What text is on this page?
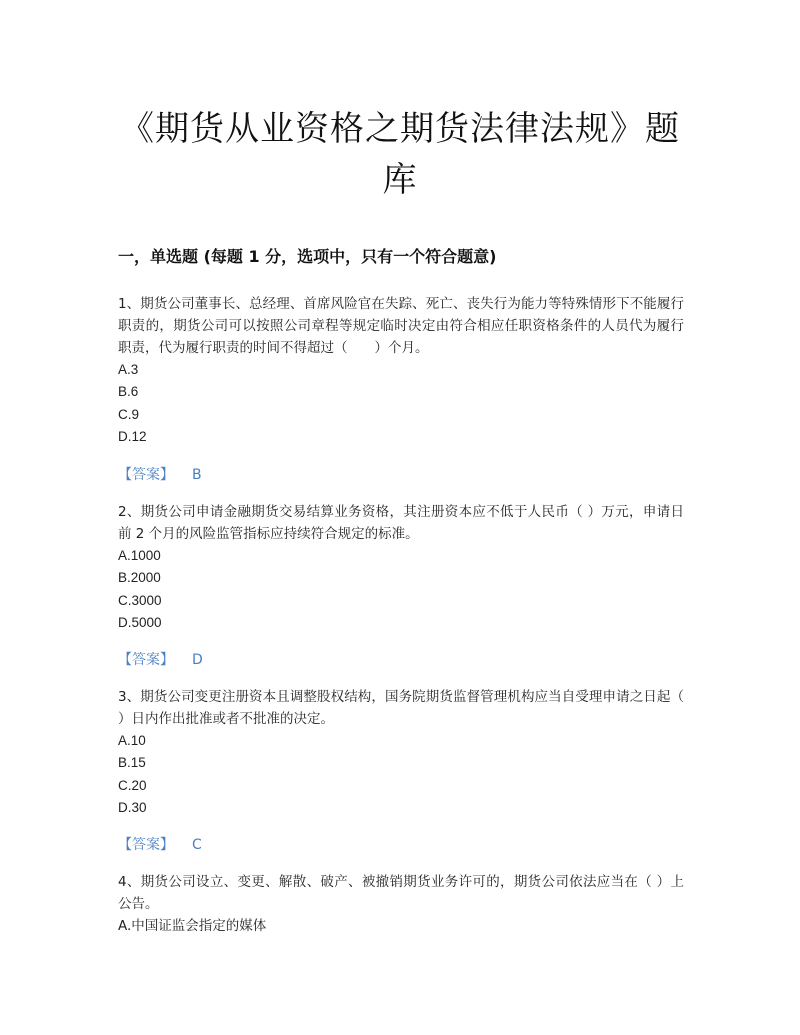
《期货从业资格之期货法律法规》题库
一，单选题 (每题 1 分，选项中，只有一个符合题意)

1、期货公司董事长、总经理、首席风险官在失踪、死亡、丧失行为能力等特殊情形下不能履行职责的，期货公司可以按照公司章程等规定临时决定由符合相应任职资格条件的人员代为履行职责，代为履行职责的时间不得超过（　　）个月。

A.3

B.6

C.9

D.12

【答案】 B

2、期货公司申请金融期货交易结算业务资格，其注册资本应不低于人民币（ ）万元，申请日前 2 个月的风险监管指标应持续符合规定的标准。

A.1000

B.2000

C.3000

D.5000

【答案】 D

3、期货公司变更注册资本且调整股权结构，国务院期货监督管理机构应当自受理申请之日起（ ）日内作出批准或者不批准的决定。

A.10

B.15

C.20

D.30

【答案】 C

4、期货公司设立、变更、解散、破产、被撤销期货业务许可的，期货公司依法应当在（ ）上公告。

A.中国证监会指定的媒体
